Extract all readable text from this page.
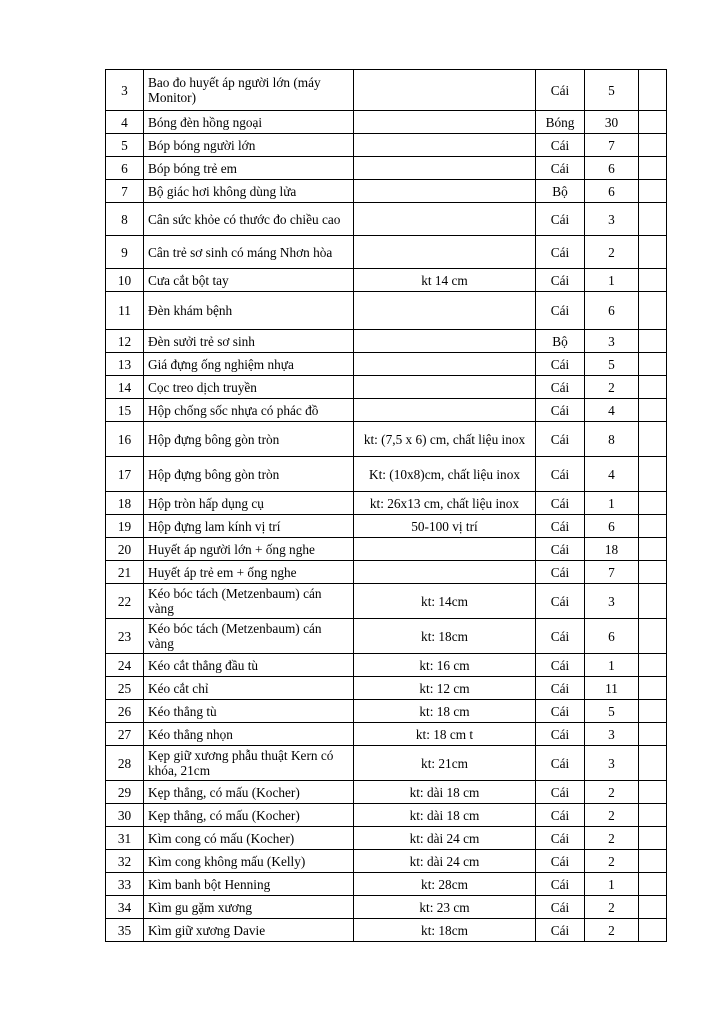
3	Bao đo huyết áp người lớn (máy Monitor)		Cái	5	
4	Bóng đèn hồng ngoại		Bóng	30	
5	Bóp bóng người lớn		Cái	7	
6	Bóp bóng trẻ em		Cái	6	
7	Bộ giác hơi không dùng lửa		Bộ	6	
8	Cân sức khỏe có thước đo chiều cao		Cái	3	
9	Cân trẻ sơ sinh có máng Nhơn hòa		Cái	2	
10	Cưa cắt bột tay	kt 14 cm	Cái	1	
11	Đèn khám bệnh		Cái	6	
12	Đèn sưởi trẻ sơ sinh		Bộ	3	
13	Giá đựng ống nghiệm nhựa		Cái	5	
14	Cọc treo dịch truyền		Cái	2	
15	Hộp chống sốc nhựa có phác đồ		Cái	4	
16	Hộp đựng bông gòn tròn	kt: (7,5 x 6) cm, chất liệu inox	Cái	8	
17	Hộp đựng bông gòn tròn	Kt: (10x8)cm, chất liệu inox	Cái	4	
18	Hộp tròn hấp dụng cụ	kt: 26x13 cm, chất liệu inox	Cái	1	
19	Hộp đựng lam kính vị trí	50-100 vị trí	Cái	6	
20	Huyết áp người lớn + ống nghe		Cái	18	
21	Huyết áp trẻ em + ống nghe		Cái	7	
22	Kéo bóc tách (Metzenbaum) cán vàng	kt: 14cm	Cái	3	
23	Kéo bóc tách (Metzenbaum) cán vàng	kt: 18cm	Cái	6	
24	Kéo cắt thẳng đầu tù	kt: 16 cm	Cái	1	
25	Kéo cắt chỉ	kt: 12 cm	Cái	11	
26	Kéo thẳng tù	kt: 18 cm	Cái	5	
27	Kéo thẳng nhọn	kt: 18 cm t	Cái	3	
28	Kẹp giữ xương phẫu thuật Kern có khóa, 21cm	kt: 21cm	Cái	3	
29	Kẹp thẳng, có mấu (Kocher)	kt: dài 18 cm	Cái	2	
30	Kẹp thẳng, có mấu (Kocher)	kt: dài 18 cm	Cái	2	
31	Kìm cong có mấu (Kocher)	kt: dài 24 cm	Cái	2	
32	Kìm cong không mấu (Kelly)	kt: dài 24 cm	Cái	2	
33	Kìm banh bột Henning	kt: 28cm	Cái	1	
34	Kìm gu gặm xương	kt: 23 cm	Cái	2	
35	Kìm giữ xương Davie	kt: 18cm	Cái	2	
